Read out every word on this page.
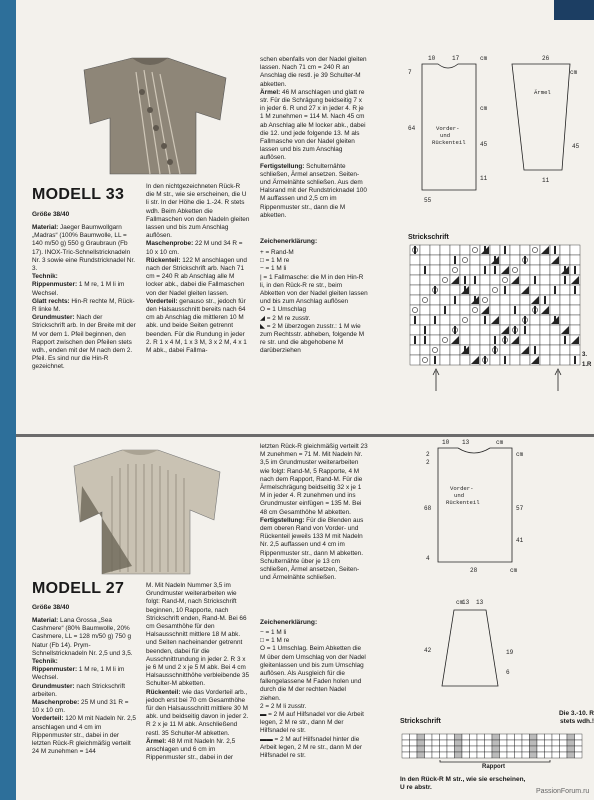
MODELL 33
Größe 38/40

Material: Jaeger Baumwollgarn „Madras“ (100% Baumwolle, LL = 140 m/50 g) 550 g Graubraun (Fb 17). INOX-Tric-Schnellstricknadeln Nr. 3 sowie eine Rundstricknadel Nr. 3.

Technik:

Rippenmuster: 1 M re, 1 M li im Wechsel.

Glatt rechts: Hin-R rechte M, Rück-R linke M.

Grundmuster: Nach der Strickschrift arb. In der Breite mit der M vor dem 1. Pfeil beginnen, den Rapport zwischen den Pfeilen stets wdh., enden mit der M nach dem 2. Pfeil. Es sind nur die Hin-R gezeichnet.

In den nichtgezeichneten Rück-R die M str., wie sie erscheinen, die U li str. In der Höhe die 1.-24. R stets wdh. Beim Abketten die Fallmaschen von den Nadeln gleiten lassen und bis zum Anschlag auflösen.

Maschenprobe: 22 M und 34 R = 10 x 10 cm.

Rückenteil: 122 M anschlagen und nach der Strickschrift arb. Nach 71 cm = 240 R ab Anschlag alle M locker abk., dabei die Fallmaschen von der Nadel gleiten lassen.

Vorderteil: genauso str., jedoch für den Halsausschnitt bereits nach 64 cm ab Anschlag die mittleren 10 M abk. und beide Seiten getrennt beenden. Für die Rundung in jeder 2. R 1 x 4 M, 1 x 3 M, 3 x 2 M, 4 x 1 M abk., dabei Fallma-

schen ebenfalls von der Nadel gleiten lassen. Nach 71 cm = 240 R an Anschlag die restl. je 39 Schulter-M abketten.

Ärmel: 46 M anschlagen und glatt re str. Für die Schrägung beidseitig 7 x in jeder 6. R und 27 x in jeder 4. R je 1 M zunehmen = 114 M. Nach 45 cm ab Anschlag alle M locker abk., dabei die 12. und jede folgende 13. M als Fallmasche von der Nadel gleiten lassen und bis zum Anschlag auflösen.

Fertigstellung: Schulternähte schließen, Ärmel ansetzen. Seiten- und Ärmelnähte schließen. Aus dem Halsrand mit der Rundstricknadel 100 M auffassen und 2,5 cm im Rippenmuster str., dann die M abketten.

Zeichenerklärung:

+ = Rand-M

□ = 1 M re

− = 1 M li

| = 1 Fallmasche: die M in den Hin-R li, in den Rück-R re str., beim Abketten von der Nadel gleiten lassen und bis zum Anschlag auflösen

O = 1 Umschlag

◢ = 2 M re zusstr.

◣ = 2 M überzogen zusstr.: 1 M wie zum Rechtsstr. abheben, folgende M re str. und die abgehobene M darüberziehen

10	17	cm	26
7
64
45	45
cm
cm
11	11
55
Vorder-
und
Rückenteil
Ärmel
Strickschrift
3.
1.R
MODELL 27
Größe 38/40

Material: Lana Grossa „Sea Cashmere“ (80% Baumwolle, 20% Cashmere, LL = 128 m/50 g) 750 g Natur (Fb 14). Prym-Schnellstricknadeln Nr. 2,5 und 3,5.

Technik:

Rippenmuster: 1 M re, 1 M li im Wechsel.

Grundmuster: nach Strickschrift arbeiten.

Maschenprobe: 25 M und 31 R = 10 x 10 cm.

Vorderteil: 120 M mit Nadeln Nr. 2,5 anschlagen und 4 cm im Rippenmuster str., dabei in der letzten Rück-R gleichmäßig verteilt 24 M zunehmen = 144

M. Mit Nadeln Nummer 3,5 im Grundmuster weiterarbeiten wie folgt: Rand-M, nach Strickschrift beginnen, 10 Rapporte, nach Strickschrift enden, Rand-M. Bei 66 cm Gesamthöhe für den Halsausschnitt mittlere 18 M abk. und Seiten nacheinander getrennt beenden, dabei für die Ausschnittrundung in jeder 2. R 3 x je 6 M und 2 x je 5 M abk. Bei 4 cm Halsausschnitthöhe verbleibende 35 Schulter-M abketten.

Rückenteil: wie das Vorderteil arb., jedoch erst bei 70 cm Gesamthöhe für den Halsausschnitt mittlere 30 M abk. und beidseitig davon in jeder 2. R 2 x je 11 M abk. Anschließend restl. 35 Schulter-M abketten.

Ärmel: 48 M mit Nadeln Nr. 2,5 anschlagen und 6 cm im Rippenmuster str., dabei in der

letzten Rück-R gleichmäßig verteilt 23 M zunehmen = 71 M. Mit Nadeln Nr. 3,5 im Grundmuster weiterarbeiten wie folgt: Rand-M, 5 Rapporte, 4 M nach dem Rapport, Rand-M. Für die Ärmelschrägung beidseitig 32 x je 1 M in jeder 4. R zunehmen und ins Grundmuster einfügen = 135 M. Bei 48 cm Gesamthöhe M abketten.

Fertigstellung: Für die Blenden aus dem oberen Rand von Vorder- und Rückenteil jeweils 133 M mit Nadeln Nr. 2,5 auffassen und 4 cm im Rippenmuster str., dann M abketten. Schulternähte über je 13 cm schließen, Ärmel ansetzen, Seiten- und Ärmelnähte schließen.

Zeichenerklärung:

− = 1 M li

□ = 1 M re

O = 1 Umschlag. Beim Abketten die M über dem Umschlag von der Nadel gleitenlassen und bis zum Umschlag auflösen. Als Ausgleich für die fallengelassene M Faden holen und durch die M der rechten Nadel ziehen.

2 = 2 M li zusstr.

▬ = 2 M auf Hilfsnadel vor die Arbeit legen, 2 M re str., dann M der Hilfsnadel re str.

▬▬ = 2 M auf Hilfsnadel hinter die Arbeit legen, 2 M re str., dann M der Hilfsnadel re str.

10 13	cm
2
2
68
cm
57
41
4
28	cm
cm
13 13
42	19
6
Vorder-
und
Rückenteil
Strickschrift
Die 3.-10. R stets wdh.!
Rapport
In den Rück-R M str., wie sie erscheinen, U re abstr.
PassionForum.ru
